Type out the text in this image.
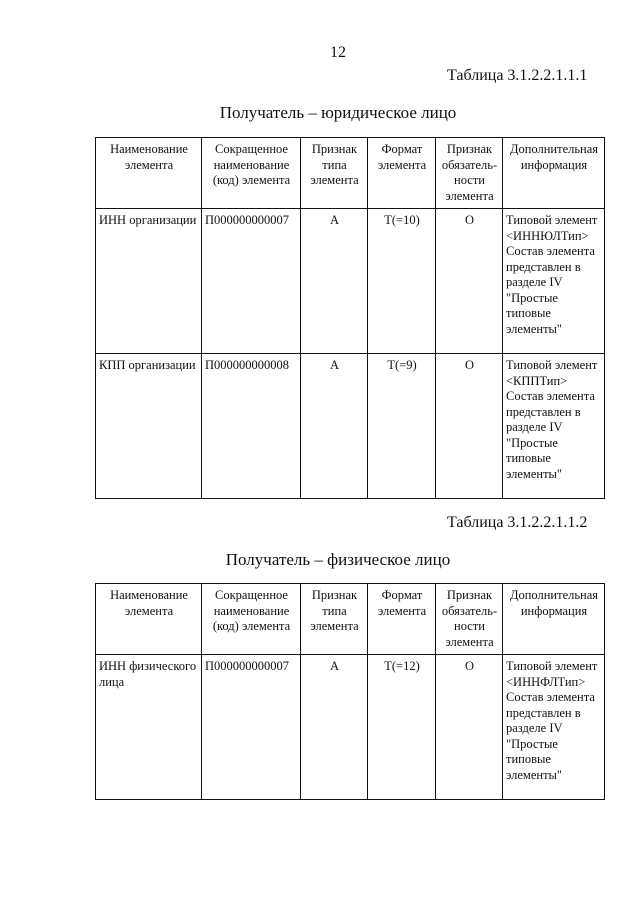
12
Таблица 3.1.2.2.1.1.1
Получатель – юридическое лицо
Наименование элемента	Сокращенное наименование (код) элемента	Признак типа элемента	Формат элемента	Признак обязатель-ности элемента	Дополнительная информация
ИНН организации	П000000000007	А	Т(=10)	О	Типовой элемент <ИННЮЛТип> Состав элемента представлен в разделе IV "Простые типовые элементы"
КПП организации	П000000000008	А	Т(=9)	О	Типовой элемент <КППТип> Состав элемента представлен в разделе IV "Простые типовые элементы"
Таблица 3.1.2.2.1.1.2
Получатель – физическое лицо
Наименование элемента	Сокращенное наименование (код) элемента	Признак типа элемента	Формат элемента	Признак обязатель-ности элемента	Дополнительная информация
ИНН физического лица	П000000000007	А	Т(=12)	О	Типовой элемент <ИННФЛТип> Состав элемента представлен в разделе IV "Простые типовые элементы"
